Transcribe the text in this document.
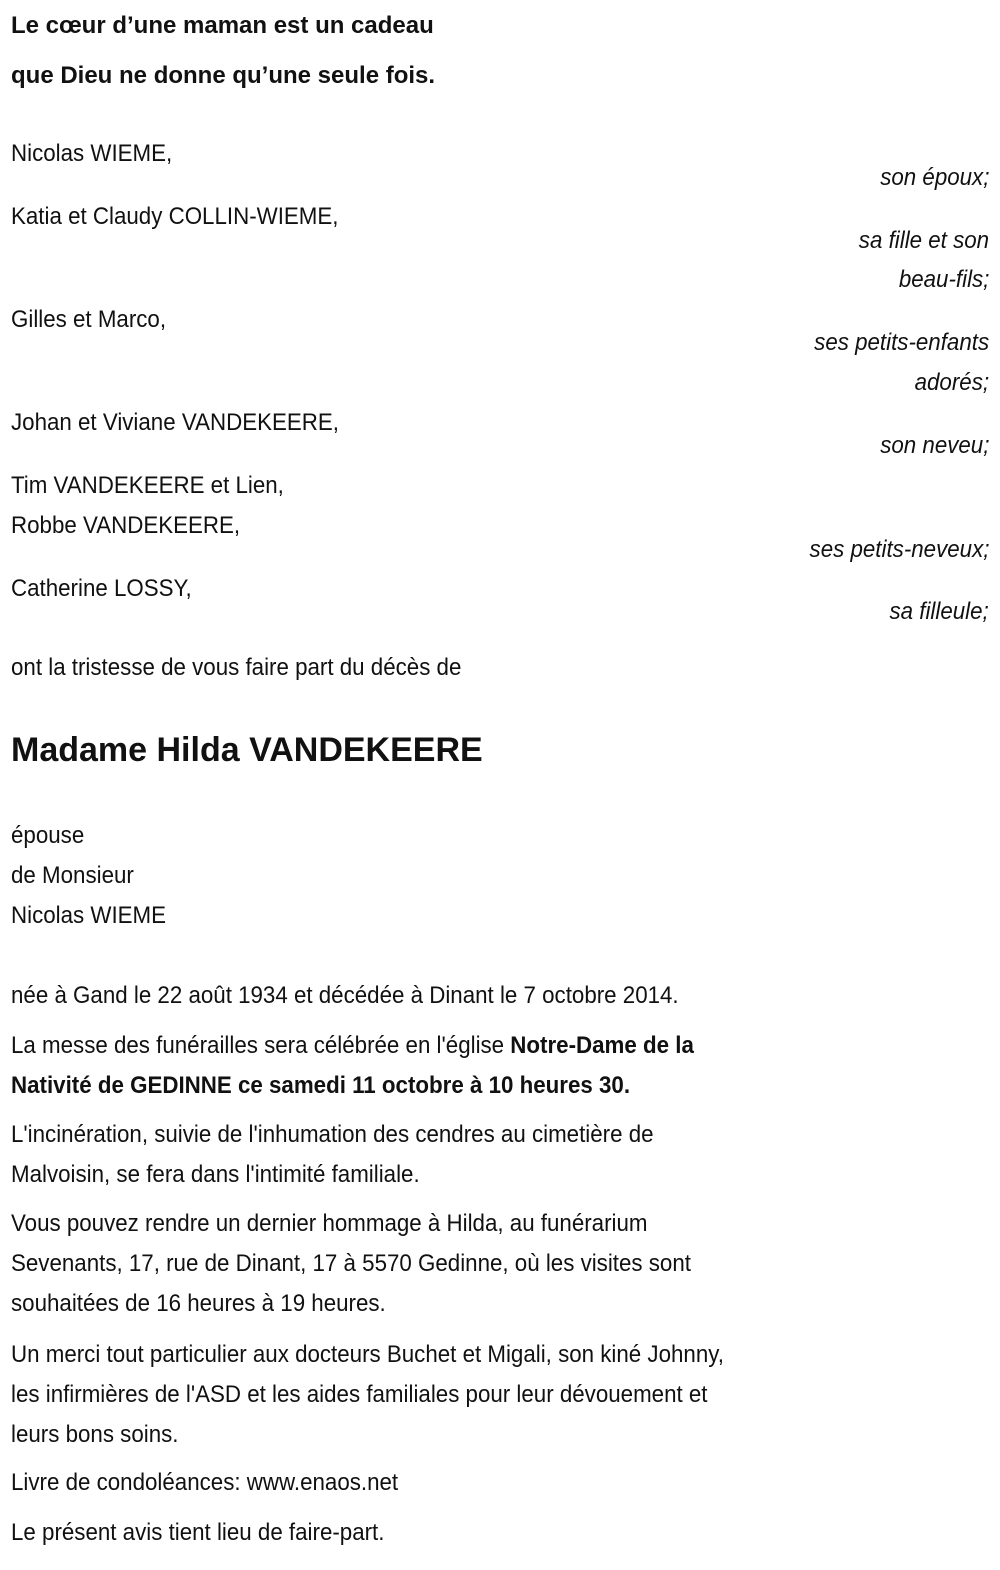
Le cœur d’une maman est un cadeau
que Dieu ne donne qu’une seule fois.
Nicolas WIEME,
son époux;
Katia et Claudy COLLIN-WIEME,
sa fille et son
beau-fils;
Gilles et Marco,
ses petits-enfants
adorés;
Johan et Viviane VANDEKEERE,
son neveu;
Tim VANDEKEERE et Lien,
Robbe VANDEKEERE,
ses petits-neveux;
Catherine LOSSY,
sa filleule;
ont la tristesse de vous faire part du décès de
Madame Hilda VANDEKEERE
épouse
de Monsieur
Nicolas WIEME
née à Gand le 22 août 1934 et décédée à Dinant le 7 octobre 2014.
La messe des funérailles sera célébrée en l'église Notre-Dame de la
Nativité de GEDINNE ce samedi 11 octobre à 10 heures 30.
L'incinération, suivie de l'inhumation des cendres au cimetière de
Malvoisin, se fera dans l'intimité familiale.
Vous pouvez rendre un dernier hommage à Hilda, au funérarium
Sevenants, 17, rue de Dinant, 17 à 5570 Gedinne, où les visites sont
souhaitées de 16 heures à 19 heures.
Un merci tout particulier aux docteurs Buchet et Migali, son kiné Johnny,
les infirmières de l'ASD et les aides familiales pour leur dévouement et
leurs bons soins.
Livre de condoléances: www.enaos.net
Le présent avis tient lieu de faire-part.
